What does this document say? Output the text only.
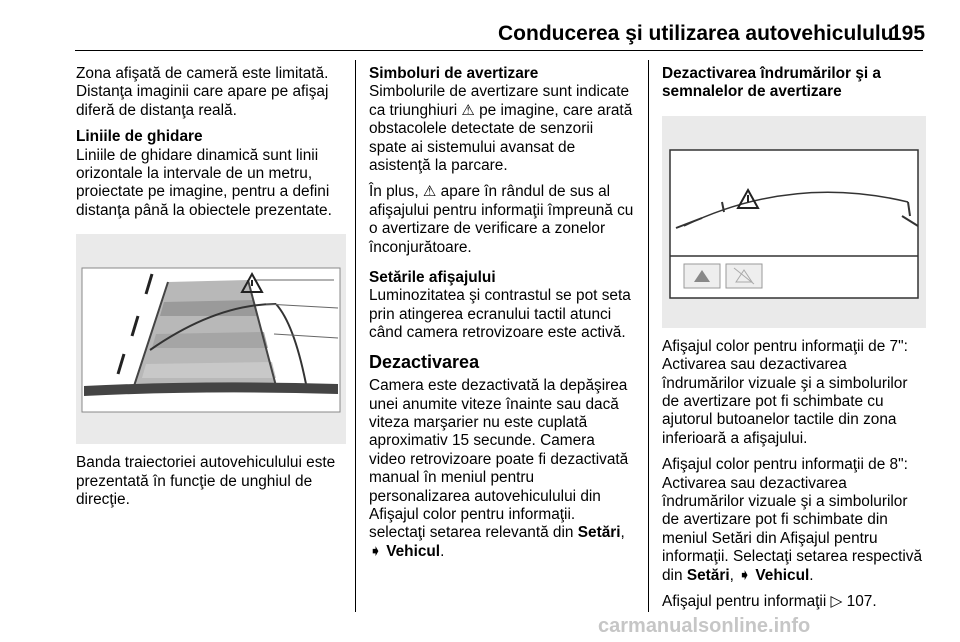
Conducerea şi utilizarea autovehiculului
195

Zona afişată de cameră este limitată. Distanţa imaginii care apare pe afişaj diferă de distanţa reală.

Liniile de ghidare

Liniile de ghidare dinamică sunt linii orizontale la intervale de un metru, proiectate pe imagine, pentru a defini distanţa până la obiectele prezentate.

Banda traiectoriei autovehiculului este prezentată în funcţie de unghiul de direcţie.

Simboluri de avertizare

Simbolurile de avertizare sunt indicate ca triunghiuri ⚠ pe imagine, care arată obstacolele detectate de senzorii spate ai sistemului avansat de asistenţă la parcare.

În plus, ⚠ apare în rândul de sus al afişajului pentru informaţii împreună cu o avertizare de verificare a zonelor înconjurătoare.

Setările afişajului

Luminozitatea şi contrastul se pot seta prin atingerea ecranului tactil atunci când camera retrovizoare este activă.

Dezactivarea

Camera este dezactivată la depăşirea unei anumite viteze înainte sau dacă viteza marşarier nu este cuplată aproximativ 15 secunde. Camera video retrovizoare poate fi dezactivată manual în meniul pentru personalizarea autovehiculului din Afişajul color pentru informaţii. selectaţi setarea relevantă din Setări,
➧ Vehicul.

Dezactivarea îndrumărilor şi a semnalelor de avertizare

Afişajul color pentru informaţii de 7": Activarea sau dezactivarea îndrumărilor vizuale şi a simbolurilor de avertizare pot fi schimbate cu ajutorul butoanelor tactile din zona inferioară a afişajului.

Afişajul color pentru informaţii de 8": Activarea sau dezactivarea îndrumărilor vizuale şi a simbolurilor de avertizare pot fi schimbate din meniul Setări din Afişajul pentru informaţii. Selectaţi setarea respectivă din Setări, ➧ Vehicul.

Afişajul pentru informaţii ▷ 107.

carmanualsonline.info
